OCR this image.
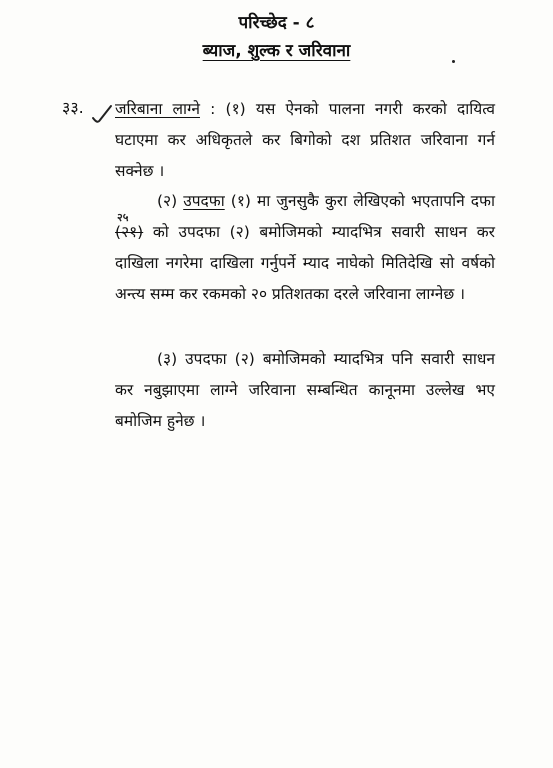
परिच्छेद - ८
ब्याज, शुल्क र जरिवाना
३३. जरिबाना लाग्ने : (१) यस ऐनको पालना नगरी करको दायित्व घटाएमा कर अधिकृतले कर बिगोको दश प्रतिशत जरिवाना गर्न सक्नेछ ।
(२) उपदफा (१) मा जुनसुकै कुरा लेखिएको भएतापनि दफा (२१)
२५
को उपदफा (२) बमोजिमको म्यादभित्र सवारी साधन कर दाखिला नगरेमा दाखिला गर्नुपर्ने म्याद नाघेको मितिदेखि सो वर्षको अन्त्य सम्म कर रकमको २० प्रतिशतका दरले जरिवाना लाग्नेछ ।
(३) उपदफा (२) बमोजिमको म्यादभित्र पनि सवारी साधन कर नबुझाएमा लाग्ने जरिवाना सम्बन्धित कानूनमा उल्लेख भए बमोजिम हुनेछ ।
